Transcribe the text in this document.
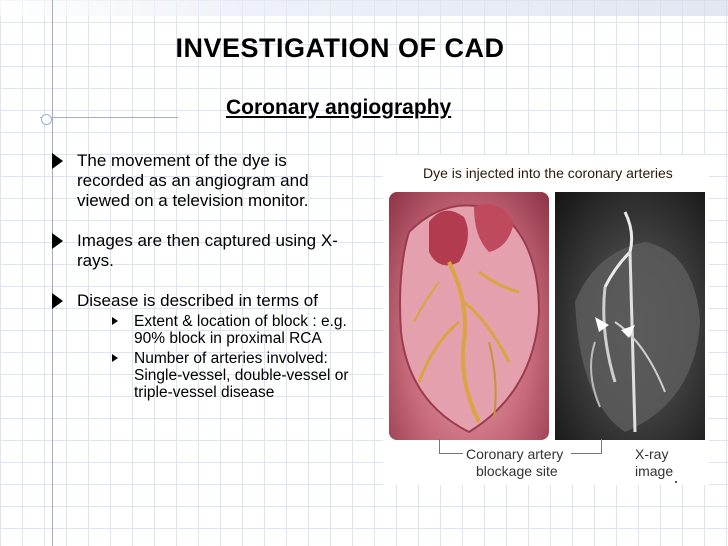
INVESTIGATION OF CAD
Coronary angiography
The movement of the dye is recorded as an angiogram and viewed on a television monitor.
Images are then captured using X-rays.
Disease is described in terms of
Extent & location of block : e.g. 90% block in proximal RCA
Number of arteries involved: Single-vessel, double-vessel or triple-vessel disease
Dye is injected into the coronary arteries
Coronary artery
blockage site
X-ray image
